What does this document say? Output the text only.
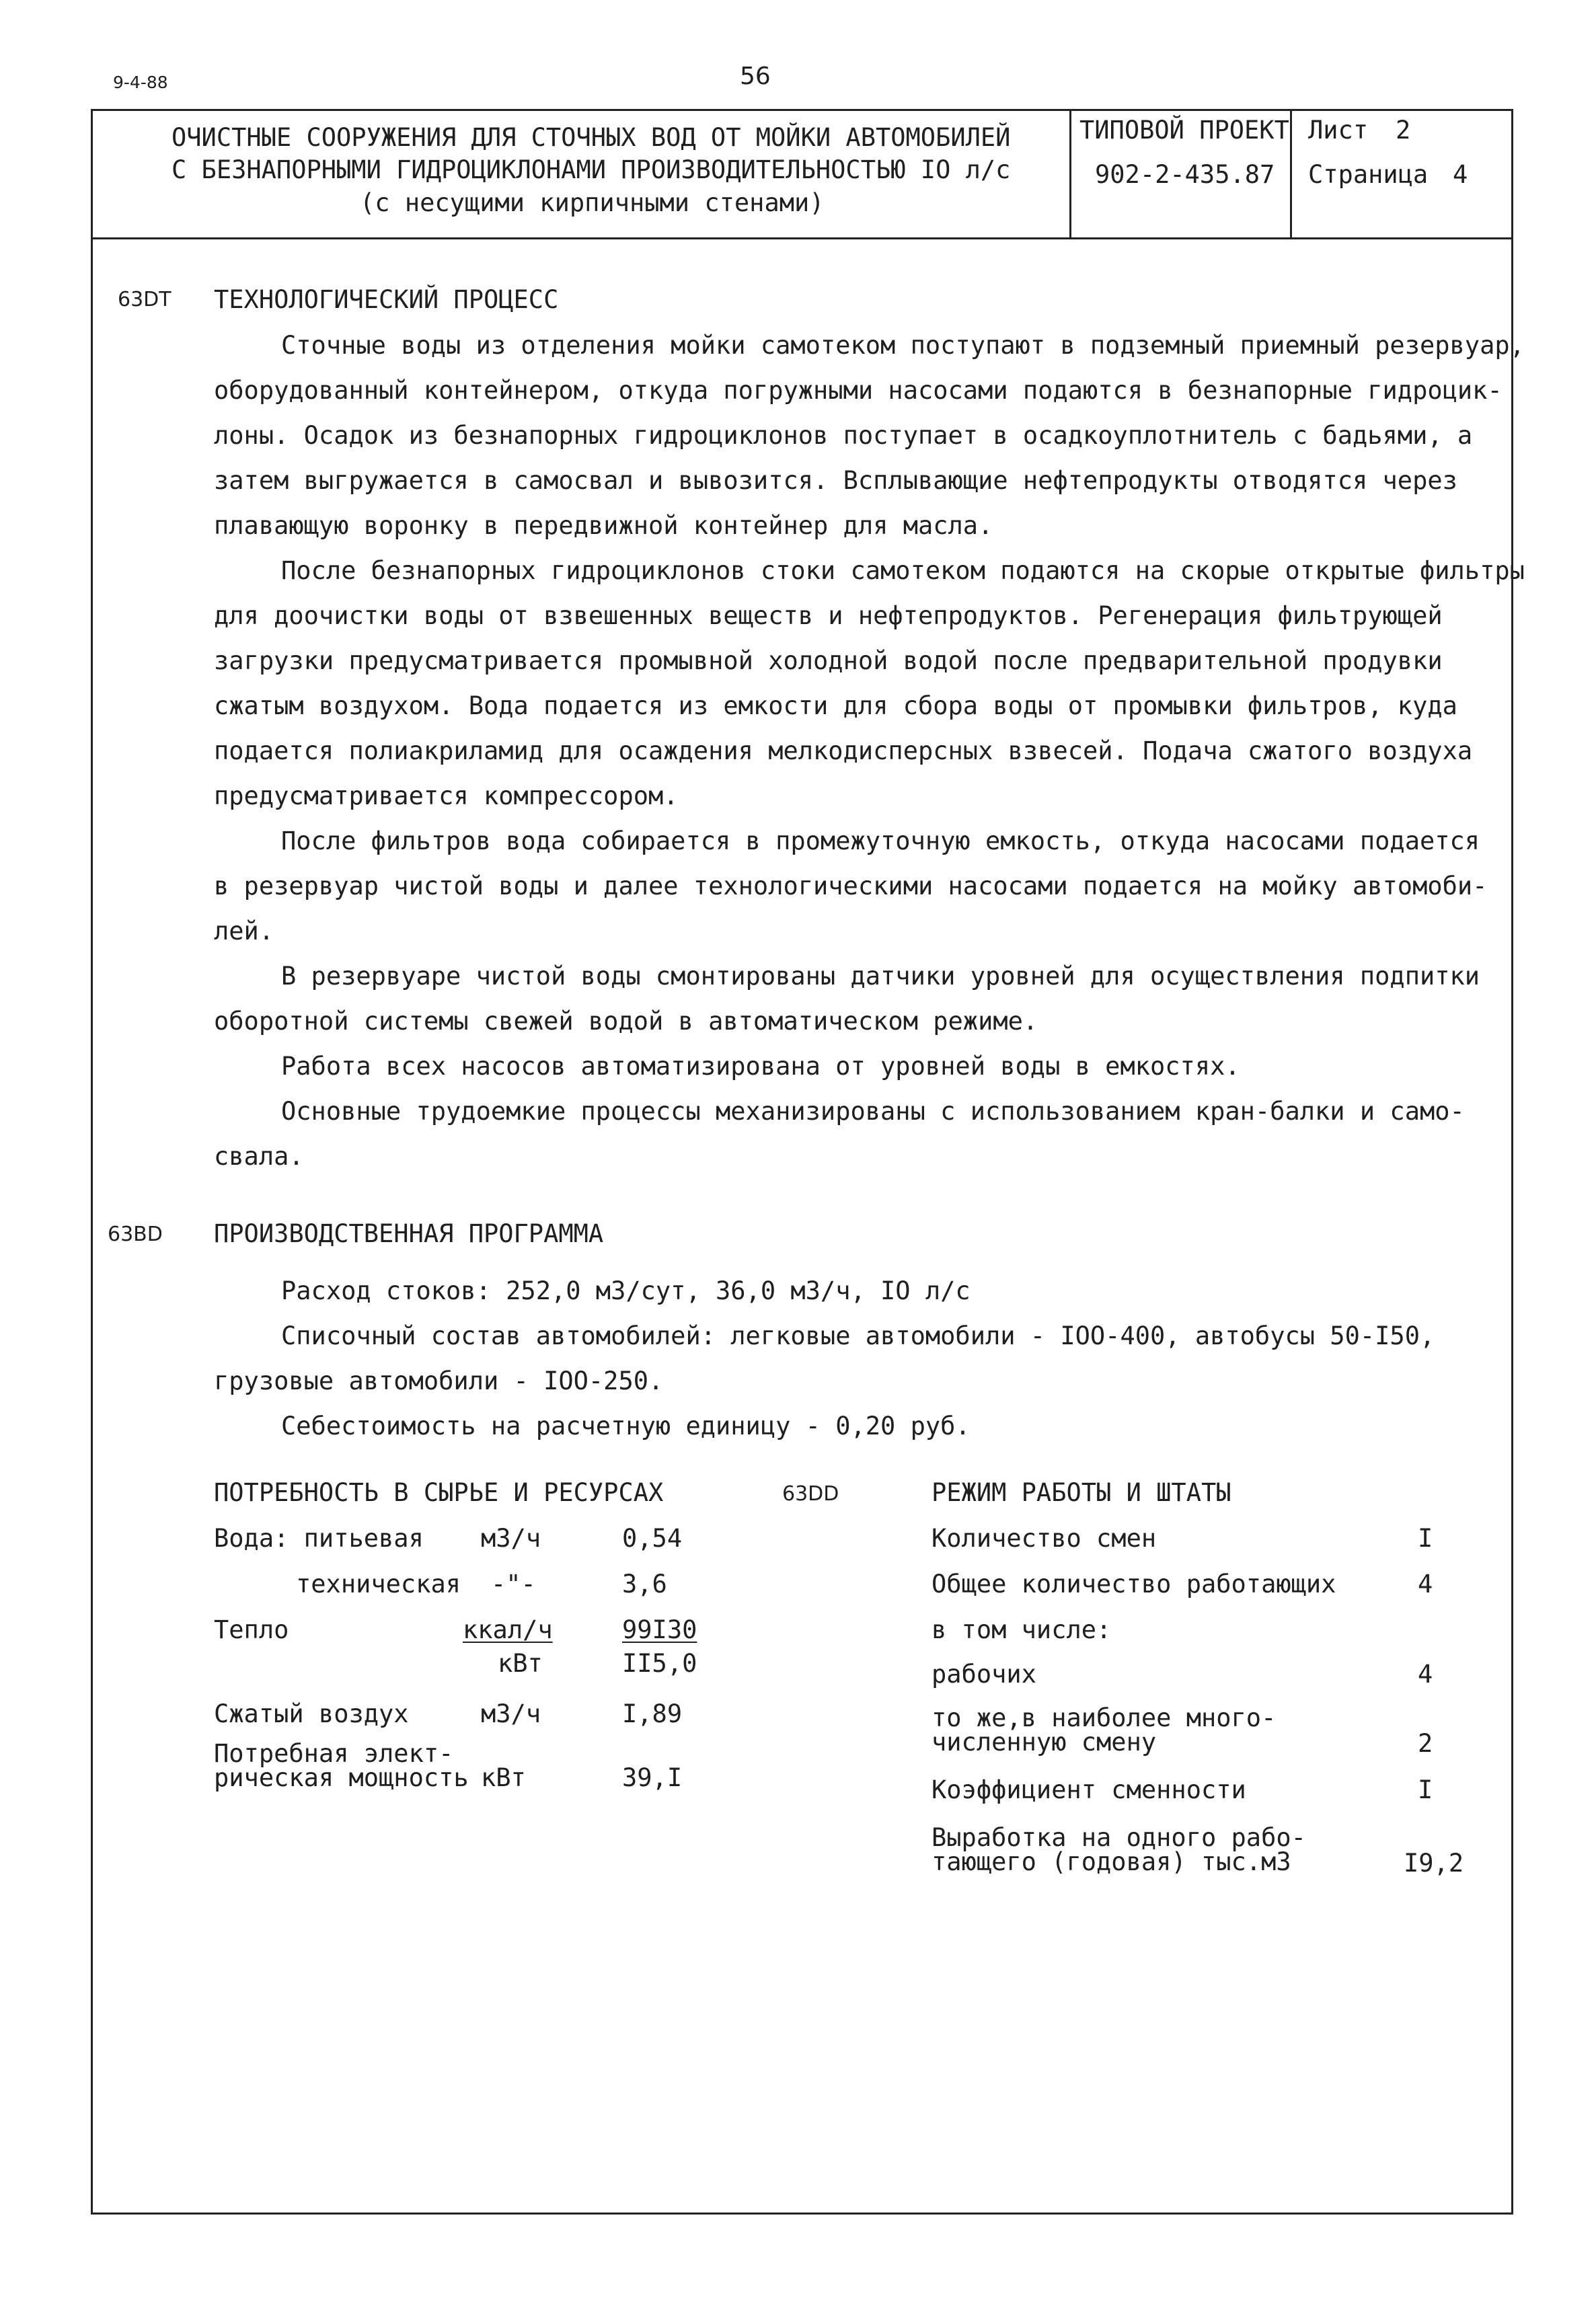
9-4-88	56
ОЧИСТНЫЕ СООРУЖЕНИЯ ДЛЯ СТОЧНЫХ ВОД ОТ МОЙКИ АВТОМОБИЛЕЙ
С БЕЗНАПОРНЫМИ ГИДРОЦИКЛОНАМИ ПРОИЗВОДИТЕЛЬНОСТЬЮ IO л/с
(с несущими кирпичными стенами)
ТИПОВОЙ ПРОЕКТ
902-2-435.87
Лист 2
Страница 4
63DT ТЕХНОЛОГИЧЕСКИЙ ПРОЦЕСС
Сточные воды из отделения мойки самотеком поступают в подземный приемный резервуар,
оборудованный контейнером, откуда погружными насосами подаются в безнапорные гидроцик-
лоны. Осадок из безнапорных гидроциклонов поступает в осадкоуплотнитель с бадьями, а
затем выгружается в самосвал и вывозится. Всплывающие нефтепродукты отводятся через
плавающую воронку в передвижной контейнер для масла.
После безнапорных гидроциклонов стоки самотеком подаются на скорые открытые фильтры
для доочистки воды от взвешенных веществ и нефтепродуктов. Регенерация фильтрующей
загрузки предусматривается промывной холодной водой после предварительной продувки
сжатым воздухом. Вода подается из емкости для сбора воды от промывки фильтров, куда
подается полиакриламид для осаждения мелкодисперсных взвесей. Подача сжатого воздуха
предусматривается компрессором.
После фильтров вода собирается в промежуточную емкость, откуда насосами подается
в резервуар чистой воды и далее технологическими насосами подается на мойку автомоби-
лей.
В резервуаре чистой воды смонтированы датчики уровней для осуществления подпитки
оборотной системы свежей водой в автоматическом режиме.
Работа всех насосов автоматизирована от уровней воды в емкостях.
Основные трудоемкие процессы механизированы с использованием кран-балки и само-
свала.
63BD ПРОИЗВОДСТВЕННАЯ ПРОГРАММА
Расход стоков: 252,0 м3/сут, 36,0 м3/ч, IO л/с
Списочный состав автомобилей: легковые автомобили - IOO-400, автобусы 50-I50,
грузовые автомобили - IOO-250.
Себестоимость на расчетную единицу - 0,20 руб.
ПОТРЕБНОСТЬ В СЫРЬЕ И РЕСУРСАХ
Вода: питьевая м3/ч	0,54
техническая -"-	3,6
Тепло	ккал/ч	99I30
кВт	II5,0
Сжатый воздух	м3/ч	I,89
Потребная элект-
рическая мощность кВт	39,I
63DD	РЕЖИМ РАБОТЫ И ШТАТЫ
Количество смен	I
Общее количество работающих	4
в том числе:
рабочих	4
то же,в наиболее много-
численную смену	2
Коэффициент сменности	I
Выработка на одного рабо-
тающего (годовая) тыс.м3	I9,2
